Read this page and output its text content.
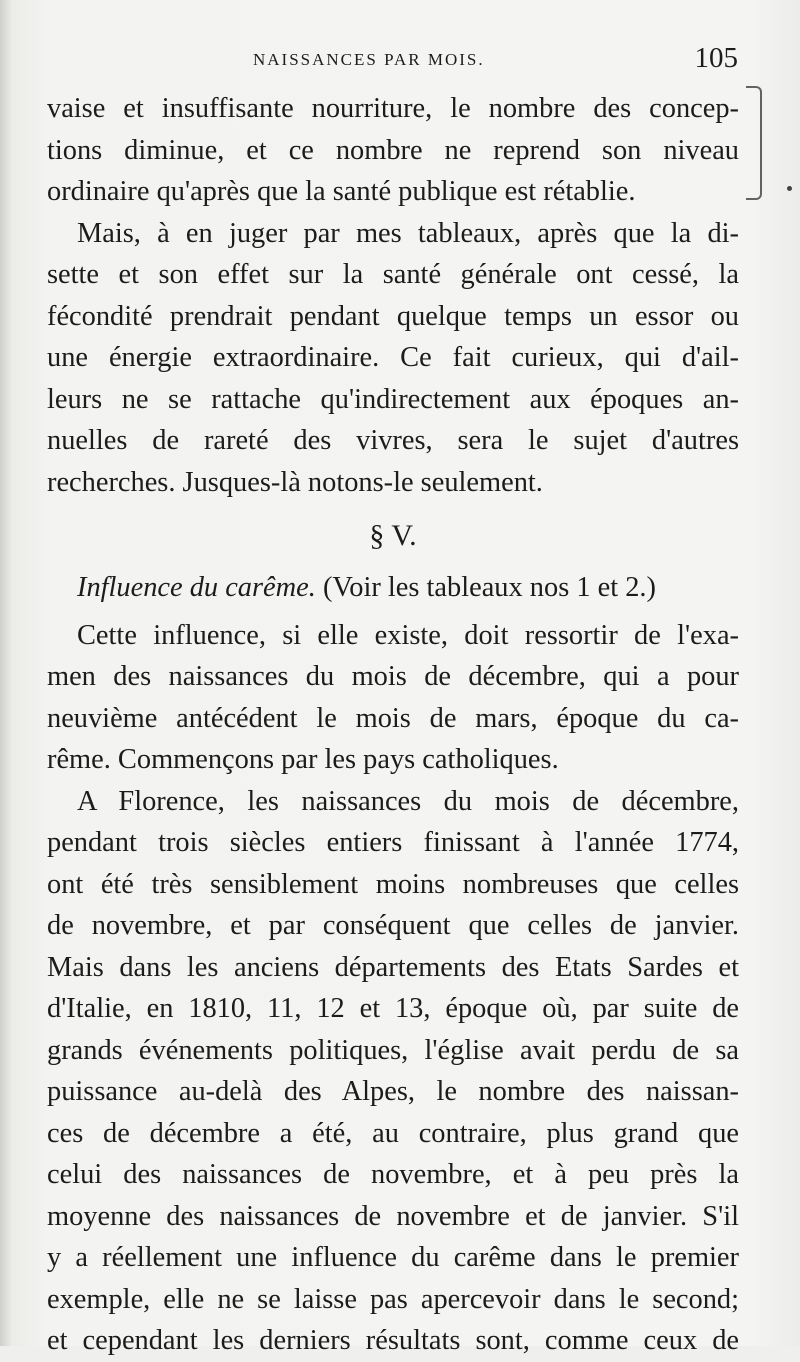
NAISSANCES PAR MOIS.	105
vaise et insuffisante nourriture, le nombre des concep-
tions diminue, et ce nombre ne reprend son niveau
ordinaire qu'après que la santé publique est rétablie.
Mais, à en juger par mes tableaux, après que la di-
sette et son effet sur la santé générale ont cessé, la
fécondité prendrait pendant quelque temps un essor ou
une énergie extraordinaire. Ce fait curieux, qui d'ail-
leurs ne se rattache qu'indirectement aux époques an-
nuelles de rareté des vivres, sera le sujet d'autres
recherches. Jusques-là notons-le seulement.
§ V.
Influence du carême. (Voir les tableaux nos 1 et 2.)
Cette influence, si elle existe, doit ressortir de l'exa-
men des naissances du mois de décembre, qui a pour
neuvième antécédent le mois de mars, époque du ca-
rême. Commençons par les pays catholiques.
A Florence, les naissances du mois de décembre,
pendant trois siècles entiers finissant à l'année 1774,
ont été très sensiblement moins nombreuses que celles
de novembre, et par conséquent que celles de janvier.
Mais dans les anciens départements des Etats Sardes et
d'Italie, en 1810, 11, 12 et 13, époque où, par suite de
grands événements politiques, l'église avait perdu de sa
puissance au-delà des Alpes, le nombre des naissan-
ces de décembre a été, au contraire, plus grand que
celui des naissances de novembre, et à peu près la
moyenne des naissances de novembre et de janvier. S'il
y a réellement une influence du carême dans le premier
exemple, elle ne se laisse pas apercevoir dans le second;
et cependant les derniers résultats sont, comme ceux de
